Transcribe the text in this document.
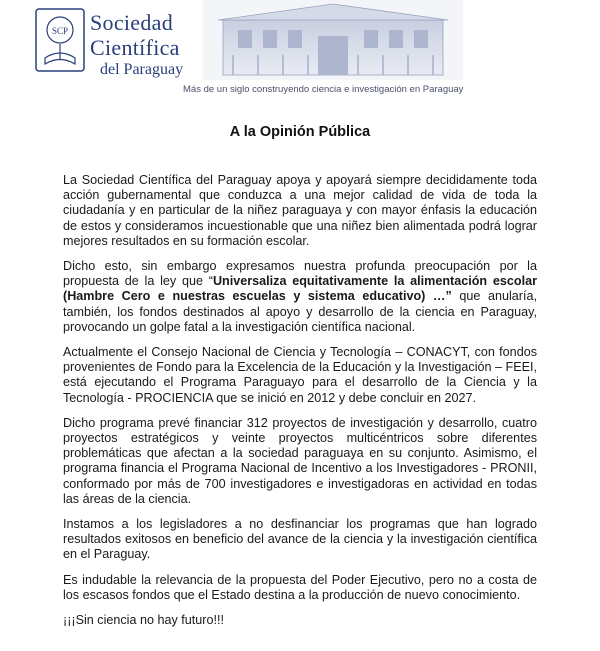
SCP Sociedad
Científica
del Paraguay
Más de un siglo construyendo ciencia e investigación en Paraguay
A la Opinión Pública

La Sociedad Científica del Paraguay apoya y apoyará siempre decididamente toda acción gubernamental que conduzca a una mejor calidad de vida de toda la ciudadanía y en particular de la niñez paraguaya y con mayor énfasis la educación de estos y consideramos incuestionable que una niñez bien alimentada podrá lograr mejores resultados en su formación escolar.

Dicho esto, sin embargo expresamos nuestra profunda preocupación por la propuesta de la ley que “Universaliza equitativamente la alimentación escolar (Hambre Cero e nuestras escuelas y sistema educativo) …” que anularía, también, los fondos destinados al apoyo y desarrollo de la ciencia en Paraguay, provocando un golpe fatal a la investigación científica nacional.

Actualmente el Consejo Nacional de Ciencia y Tecnología – CONACYT, con fondos provenientes de Fondo para la Excelencia de la Educación y la Investigación – FEEI, está ejecutando el Programa Paraguayo para el desarrollo de la Ciencia y la Tecnología - PROCIENCIA que se inició en 2012 y debe concluir en 2027.

Dicho programa prevé financiar 312 proyectos de investigación y desarrollo, cuatro proyectos estratégicos y veinte proyectos multicéntricos sobre diferentes problemáticas que afectan a la sociedad paraguaya en su conjunto. Asimismo, el programa financia el Programa Nacional de Incentivo a los Investigadores - PRONII, conformado por más de 700 investigadores e investigadoras en actividad en todas las áreas de la ciencia.

Instamos a los legisladores a no desfinanciar los programas que han logrado resultados exitosos en beneficio del avance de la ciencia y la investigación científica en el Paraguay.

Es indudable la relevancia de la propuesta del Poder Ejecutivo, pero no a costa de los escasos fondos que el Estado destina a la producción de nuevo conocimiento.

¡¡¡Sin ciencia no hay futuro!!!
